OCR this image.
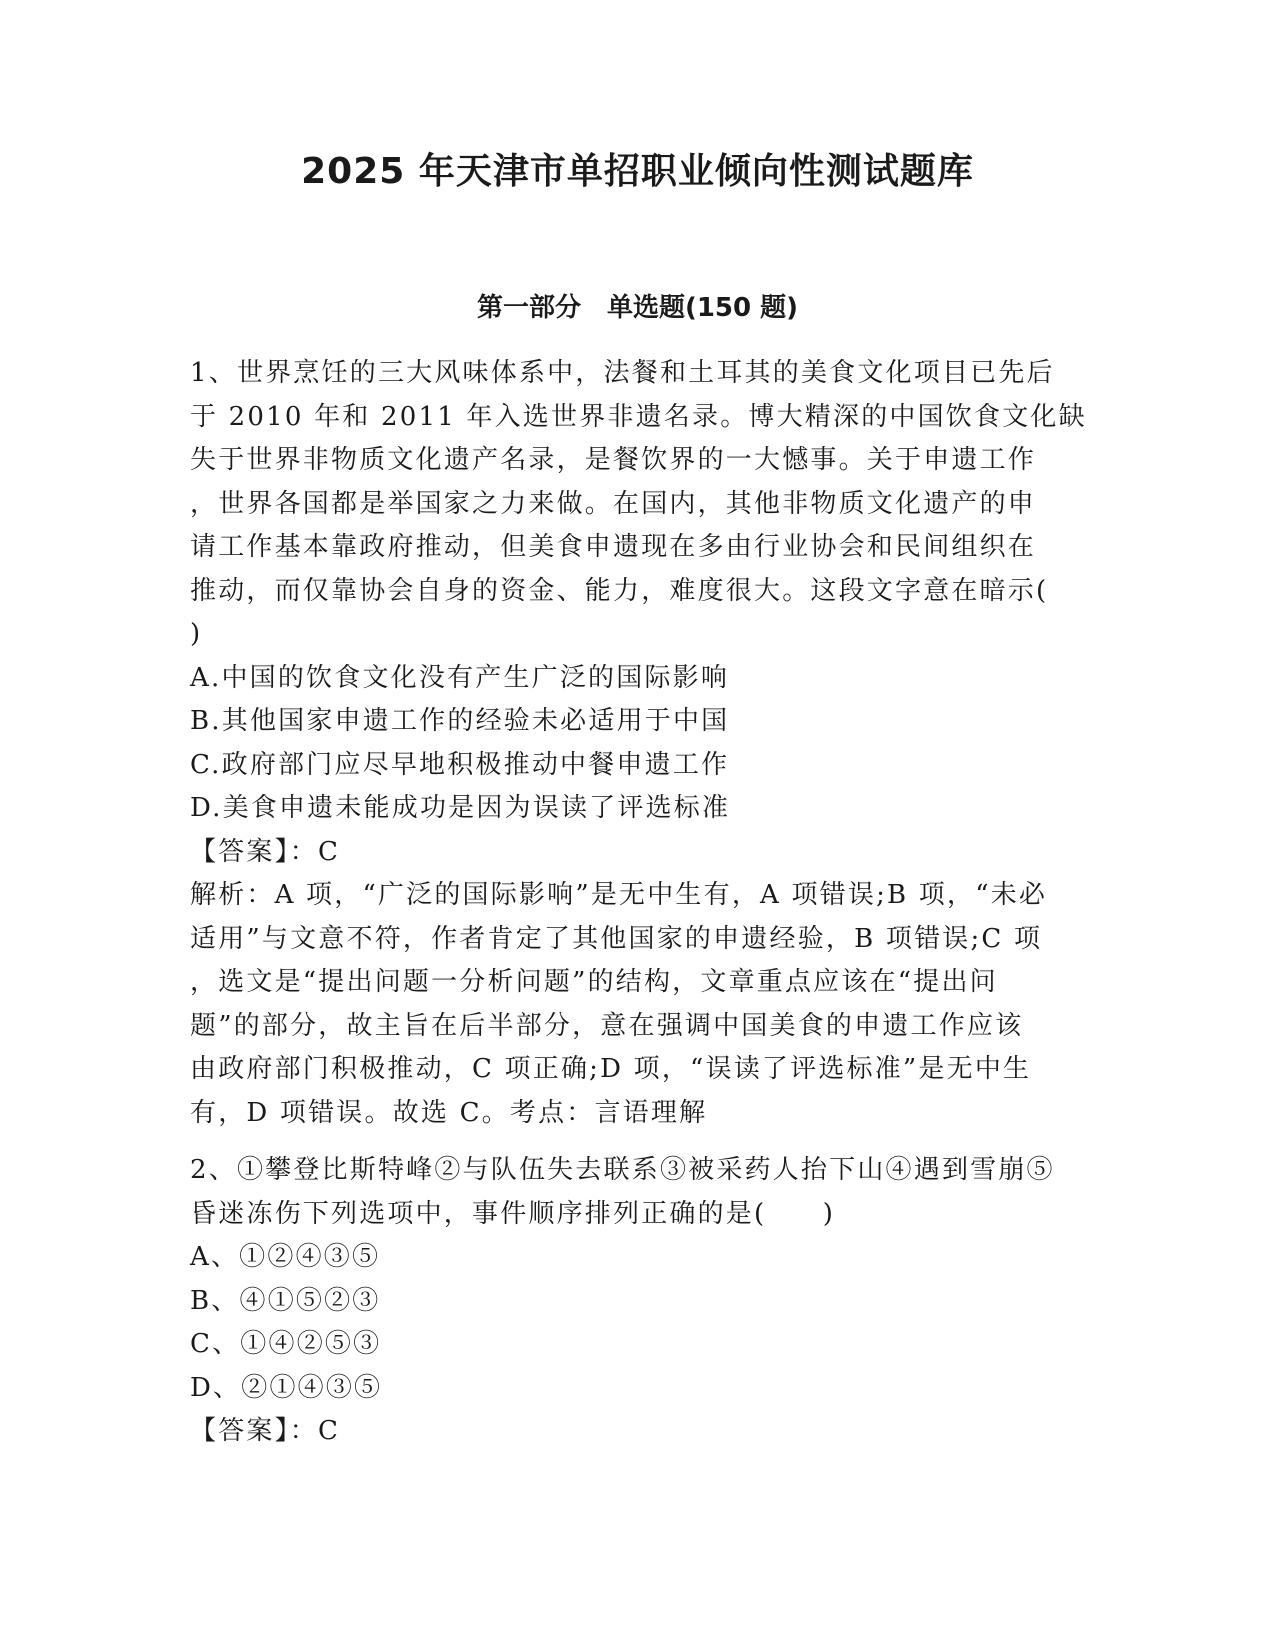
2025 年天津市单招职业倾向性测试题库
第一部分　单选题(150 题)

1、世界烹饪的三大风味体系中，法餐和土耳其的美食文化项目已先后
于 2010 年和 2011 年入选世界非遗名录。博大精深的中国饮食文化缺
失于世界非物质文化遗产名录，是餐饮界的一大憾事。关于申遗工作
，世界各国都是举国家之力来做。在国内，其他非物质文化遗产的申
请工作基本靠政府推动，但美食申遗现在多由行业协会和民间组织在
推动，而仅靠协会自身的资金、能力，难度很大。这段文字意在暗示(
)

A.中国的饮食文化没有产生广泛的国际影响
B.其他国家申遗工作的经验未必适用于中国
C.政府部门应尽早地积极推动中餐申遗工作
D.美食申遗未能成功是因为误读了评选标准

【答案】：C

解析：A 项，“广泛的国际影响”是无中生有，A 项错误;B 项，“未必
适用”与文意不符，作者肯定了其他国家的申遗经验，B 项错误;C 项
，选文是“提出问题一分析问题”的结构，文章重点应该在“提出问
题”的部分，故主旨在后半部分，意在强调中国美食的申遗工作应该
由政府部门积极推动，C 项正确;D 项，“误读了评选标准”是无中生
有，D 项错误。故选 C。考点：言语理解

2、①攀登比斯特峰②与队伍失去联系③被采药人抬下山④遇到雪崩⑤
昏迷冻伤下列选项中，事件顺序排列正确的是(　　)

A、①②④③⑤
B、④①⑤②③
C、①④②⑤③
D、②①④③⑤

【答案】：C
